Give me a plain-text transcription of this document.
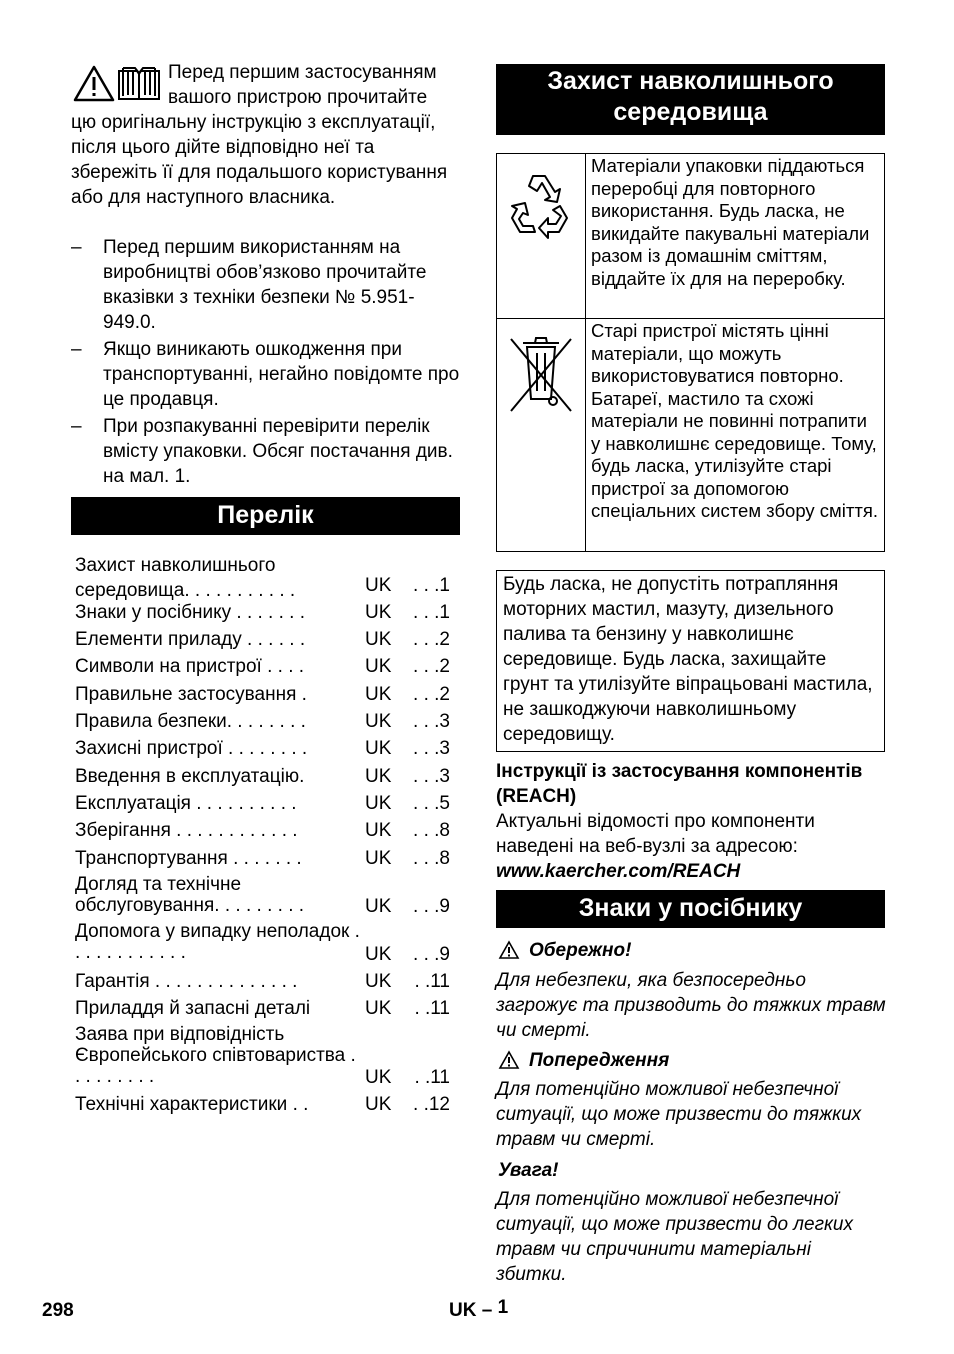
Перед першим застосуванням вашого пристрою прочитайте
цю оригінальну інструкцію з експлуатації, після цього дійте відповідно неї та збережіть її для подальшого користування або для наступного власника.
– Перед першим використанням на виробництві обов’язково прочитайте вказівки з техніки безпеки № 5.951-949.0.
– Якщо виникають ошкодження при транспортуванні, негайно повідомте про це продавця.
– При розпакуванні перевірити перелік вмісту упаковки. Обсяг постачання див. на мал. 1.
Перелік
Захист навколишнього середовища. . . . . . . . . . .	UK . . .1
Знаки у посібнику . . . . . . .	UK . . .1
Елементи приладу . . . . . .	UK . . .2
Символи на пристрої . . . .	UK . . .2
Правильне застосування .	UK . . .2
Правила безпеки. . . . . . . .	UK . . .3
Захисні пристрої . . . . . . . .	UK . . .3
Введення в експлуатацію.	UK . . .3
Експлуатація . . . . . . . . . .	UK . . .5
Зберігання . . . . . . . . . . . .	UK . . .8
Транспортування . . . . . . .	UK . . .8
Догляд та технічне обслуговування. . . . . . . . .	UK . . .9
Допомога у випадку неполадок . . . . . . . . . . . .	UK . . .9
Гарантія . . . . . . . . . . . . . .	UK . .11
Приладдя й запасні деталі	UK . .11
Заява при відповідність Європейського співтовариства . . . . . . . . .	UK . .11
Технічні характеристики . .	UK . .12
Захист навколишнього
середовища
	Матеріали упаковки піддаються переробці для повторного використання. Будь ласка, не викидайте пакувальні матеріали разом із домашнім сміттям, віддайте їх для на переробку.
	Старі пристрої містять цінні матеріали, що можуть використовуватися повторно. Батареї, мастило та схожі матеріали не повинні потрапити у навколишнє середовище. Тому, будь ласка, утилізуйте старі пристрої за допомогою спеціальних систем збору сміття.
Будь ласка, не допустіть потрапляння моторних мастил, мазуту, дизельного палива та бензину у навколишнє середовище. Будь ласка, захищайте грунт та утилізуйте віпрацьовані мастила, не зашкоджуючи навколишньому середовищу.
Інструкції із застосування компонентів (REACH)
Актуальні відомості про компоненти наведені на веб-вузлі за адресою:
www.kaercher.com/REACH
Знаки у посібнику
Обережно!
Для небезпеки, яка безпосередньо загрожує та призводить до тяжких травм чи смерті.
Попередження
Для потенційно можливої небезпечної ситуації, що може призвести до тяжких травм чи смерті.
Увага!
Для потенційно можливої небезпечної ситуації, що може призвести до легких травм чи спричинити матеріальні збитки.
298	UK – 1
